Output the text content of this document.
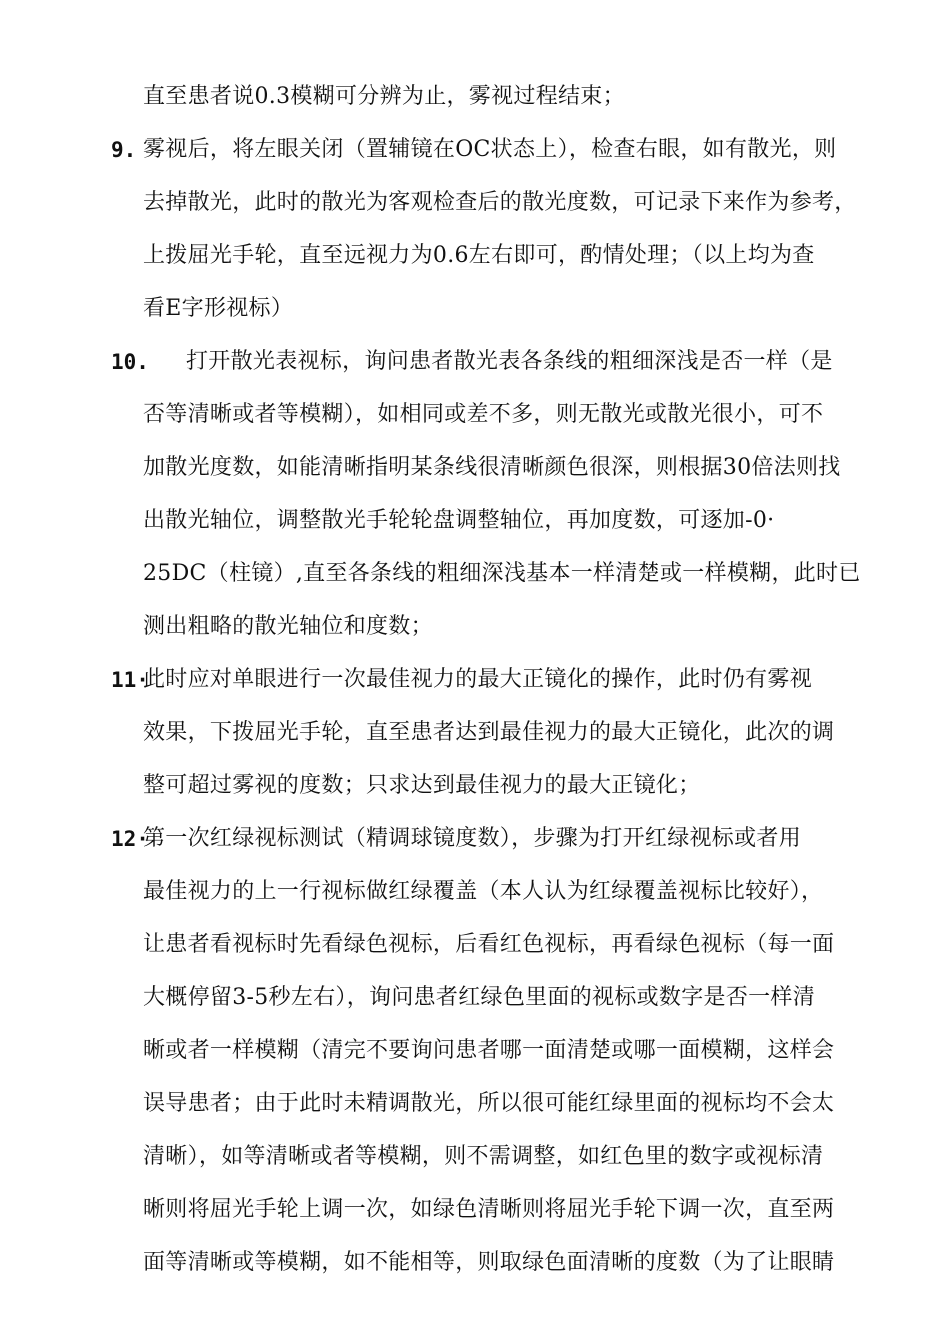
直至患者说0.3模糊可分辨为止，雾视过程结束；
9. 雾视后，将左眼关闭（置辅镜在OC状态上），检查右眼，如有散光，则
去掉散光，此时的散光为客观检查后的散光度数，可记录下来作为参考，
上拨屈光手轮，直至远视力为0.6左右即可，酌情处理；（以上均为查
看E字形视标）
10. 打开散光表视标，询问患者散光表各条线的粗细深浅是否一样（是
否等清晰或者等模糊），如相同或差不多，则无散光或散光很小，可不
加散光度数，如能清晰指明某条线很清晰颜色很深，则根据30倍法则找
出散光轴位，调整散光手轮轮盘调整轴位，再加度数，可逐加-0·
25DC（柱镜）,直至各条线的粗细深浅基本一样清楚或一样模糊，此时已
测出粗略的散光轴位和度数；
11·
此时应对单眼进行一次最佳视力的最大正镜化的操作，此时仍有雾视
效果，下拨屈光手轮，直至患者达到最佳视力的最大正镜化，此次的调
整可超过雾视的度数；只求达到最佳视力的最大正镜化；
12·
第一次红绿视标测试（精调球镜度数），步骤为打开红绿视标或者用
最佳视力的上一行视标做红绿覆盖（本人认为红绿覆盖视标比较好），
让患者看视标时先看绿色视标，后看红色视标，再看绿色视标（每一面
大概停留3-5秒左右），询问患者红绿色里面的视标或数字是否一样清
晰或者一样模糊（清完不要询问患者哪一面清楚或哪一面模糊，这样会
误导患者；由于此时未精调散光，所以很可能红绿里面的视标均不会太
清晰），如等清晰或者等模糊，则不需调整，如红色里的数字或视标清
晰则将屈光手轮上调一次，如绿色清晰则将屈光手轮下调一次，直至两
面等清晰或等模糊，如不能相等，则取绿色面清晰的度数（为了让眼睛
